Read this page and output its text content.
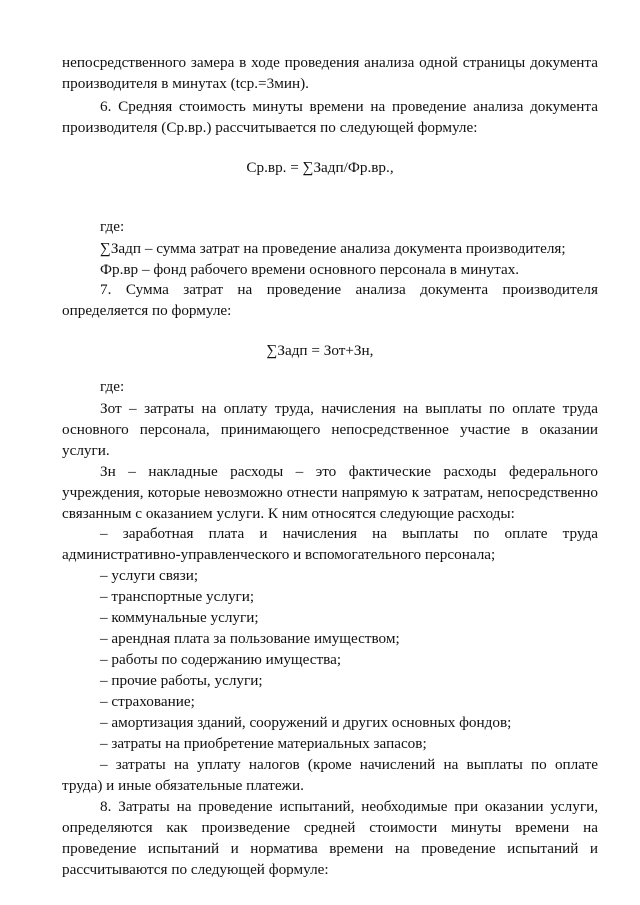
непосредственного замера в ходе проведения анализа одной страницы документа

производителя в минутах (tср.=3мин).

6. Средняя стоимость минуты времени на проведение анализа документа

производителя (Ср.вр.) рассчитывается по следующей формуле:

Ср.вр. = ∑Задп/Фр.вр.,

где:

∑Задп – сумма затрат на проведение анализа документа производителя;

Фр.вр – фонд рабочего времени основного персонала в минутах.

7. Сумма затрат на проведение анализа документа производителя

определяется по формуле:

∑Задп = Зот+Зн,

где:

Зот – затраты на оплату труда, начисления на выплаты по оплате труда

основного персонала, принимающего непосредственное участие в оказании

услуги.

Зн – накладные расходы – это фактические расходы федерального

учреждения, которые невозможно отнести напрямую к затратам, непосредственно

связанным с оказанием услуги. К ним относятся следующие расходы:

– заработная плата и начисления на выплаты по оплате труда

административно-управленческого и вспомогательного персонала;

– услуги связи;

– транспортные услуги;

– коммунальные услуги;

– арендная плата за пользование имуществом;

– работы по содержанию имущества;

– прочие работы, услуги;

– страхование;

– амортизация зданий, сооружений и других основных фондов;

– затраты на приобретение материальных запасов;

– затраты на уплату налогов (кроме начислений на выплаты по оплате

труда) и иные обязательные платежи.

8. Затраты на проведение испытаний, необходимые при оказании услуги,

определяются как произведение средней стоимости минуты времени на

проведение испытаний и норматива времени на проведение испытаний и

рассчитываются по следующей формуле:
